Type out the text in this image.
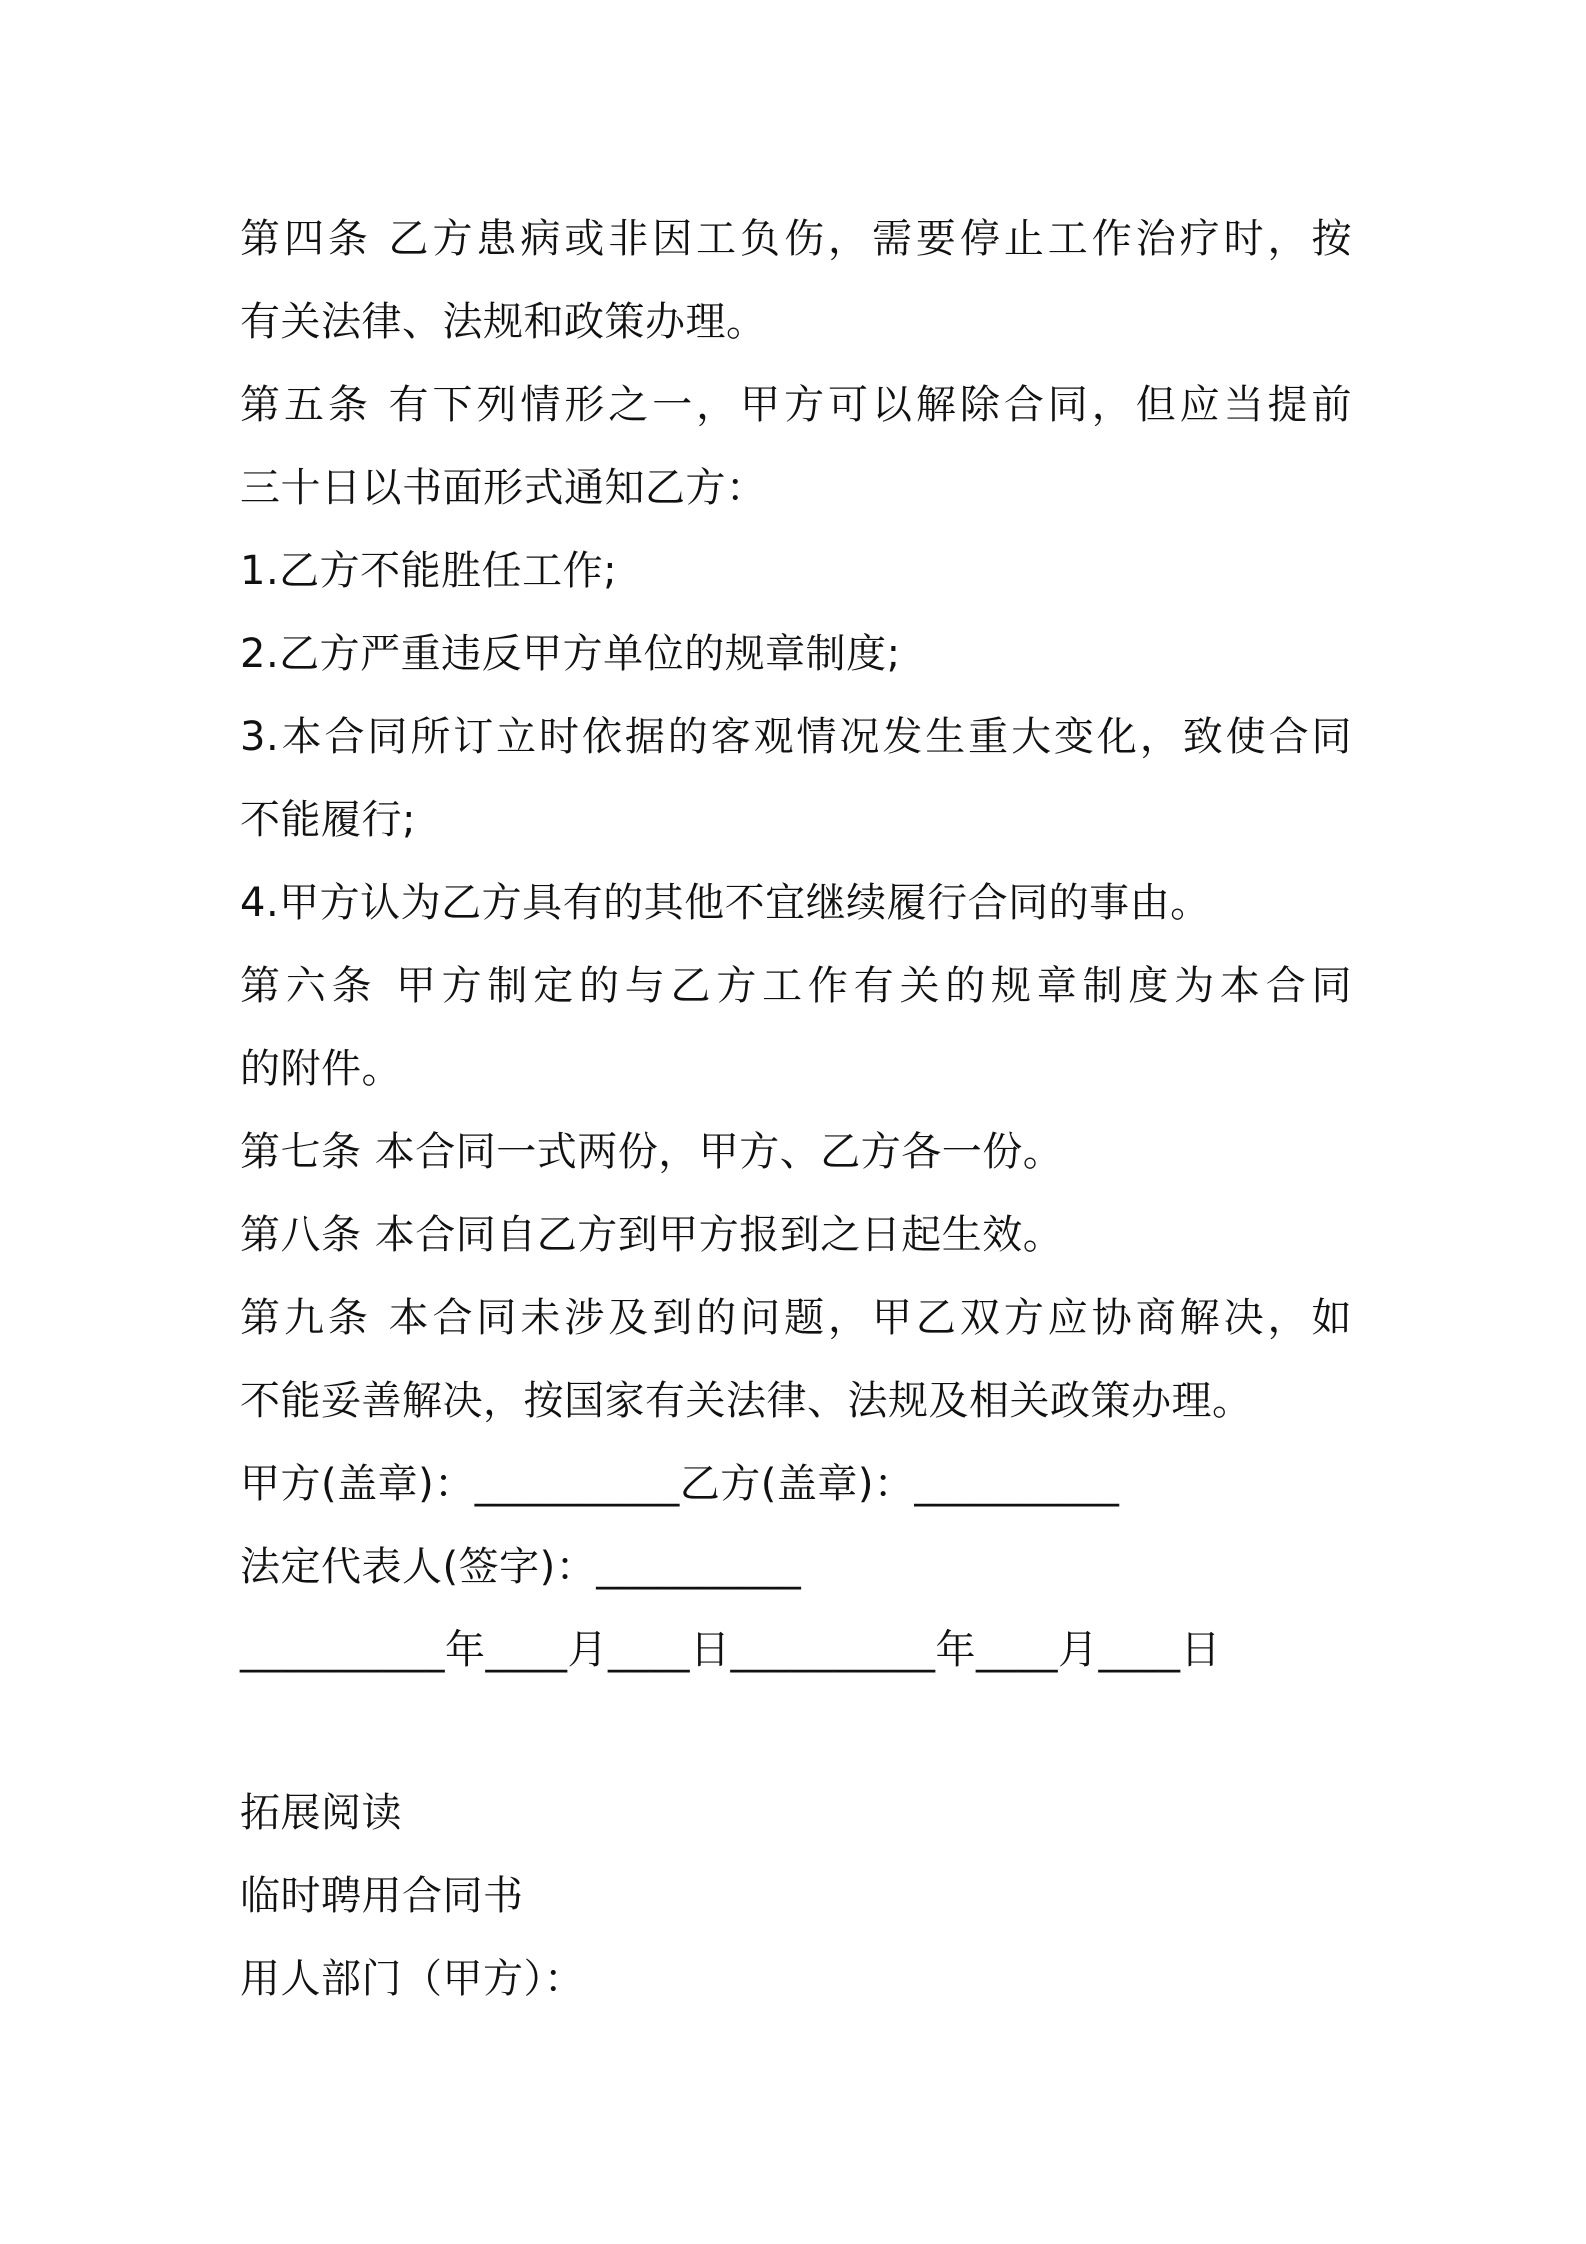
第四条 乙方患病或非因工负伤，需要停止工作治疗时，按
有关法律、法规和政策办理。
第五条 有下列情形之一，甲方可以解除合同，但应当提前
三十日以书面形式通知乙方：
1.乙方不能胜任工作;
2.乙方严重违反甲方单位的规章制度;
3.本合同所订立时依据的客观情况发生重大变化，致使合同
不能履行;
4.甲方认为乙方具有的其他不宜继续履行合同的事由。
第六条 甲方制定的与乙方工作有关的规章制度为本合同
的附件。
第七条 本合同一式两份，甲方、乙方各一份。
第八条 本合同自乙方到甲方报到之日起生效。
第九条 本合同未涉及到的问题，甲乙双方应协商解决，如
不能妥善解决，按国家有关法律、法规及相关政策办理。
甲方(盖章)：__________乙方(盖章)：__________
法定代表人(签字)：__________
__________年____月____日__________年____月____日
拓展阅读
临时聘用合同书
用人部门（甲方）：
